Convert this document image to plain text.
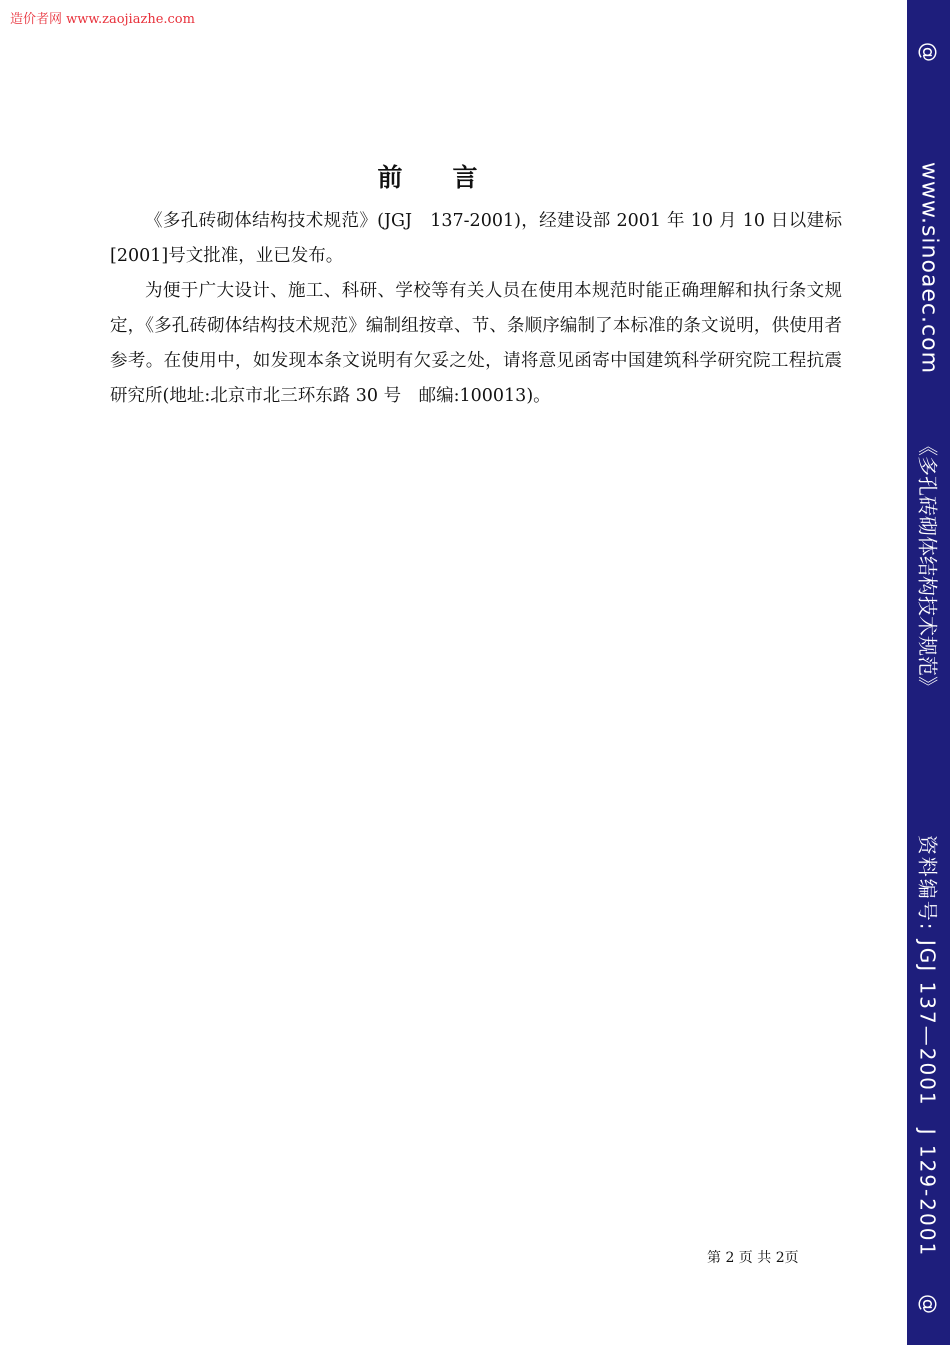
造价者网 www.zaojiazhe.com
前言

《多孔砖砌体结构技术规范》(JGJ　137-2001)，经建设部 2001 年 10 月 10 日以建标[2001]号文批准，业已发布。

为便于广大设计、施工、科研、学校等有关人员在使用本规范时能正确理解和执行条文规定，《多孔砖砌体结构技术规范》编制组按章、节、条顺序编制了本标准的条文说明，供使用者参考。在使用中，如发现本条文说明有欠妥之处，请将意见函寄中国建筑科学研究院工程抗震研究所(地址:北京市北三环东路 30 号　邮编:100013)。

第 2 页 共 2页
@
www.sinoaec.com
《多孔砖砌体结构技术规范》
资料编号: JGJ 137—2001　J 129-2001
@
